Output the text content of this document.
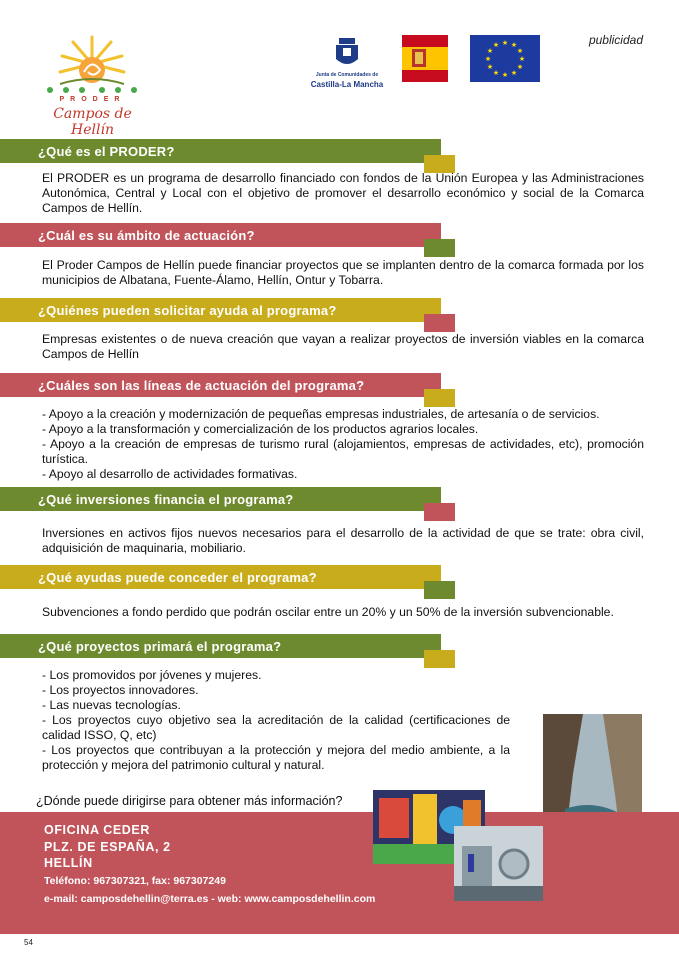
publicidad
PRODER
Campos de Hellín
Junta de Comunidades de
Castilla-La Mancha
★ ★
★
★
★
★
★
★
★
★
★
★
¿Qué es el PRODER?

El PRODER es un programa de desarrollo financiado con fondos de la Unión Europea y las Administraciones Autonómica, Central y Local con el objetivo de promover el desarrollo económico y social de la Comarca Campos de Hellín.

¿Cuál es su ámbito de actuación?

El Proder Campos de Hellín puede financiar proyectos que se implanten dentro de la comarca formada por los municipios de Albatana, Fuente-Álamo, Hellín, Ontur y Tobarra.

¿Quiénes pueden solicitar ayuda al programa?

Empresas existentes o de nueva creación que vayan a realizar proyectos de inversión viables en la comarca Campos de Hellín

¿Cuáles son las líneas de actuación del programa?

- Apoyo a la creación y modernización de pequeñas empresas industriales, de artesanía o de servicios.

- Apoyo a la transformación y comercialización de los productos agrarios locales.

- Apoyo a la creación de empresas de turismo rural (alojamientos, empresas de actividades, etc), promoción turística.

- Apoyo al desarrollo de actividades formativas.

¿Qué inversiones financia el programa?

Inversiones en activos fijos nuevos necesarios para el desarrollo de la actividad de que se trate: obra civil, adquisición de maquinaria, mobiliario.

¿Qué ayudas puede conceder el programa?

Subvenciones a fondo perdido que podrán oscilar entre un 20% y un 50% de la inversión subvencionable.

¿Qué proyectos primará el programa?

- Los promovidos por jóvenes y mujeres.

- Los proyectos innovadores.

- Las nuevas tecnologías.

- Los proyectos cuyo objetivo sea la acreditación de la calidad (certificaciones de calidad ISSO, Q, etc)

- Los proyectos que contribuyan a la protección y mejora del medio ambiente, a la protección y mejora del patrimonio cultural y natural.

¿Dónde puede dirigirse para obtener más información?
OFICINA CEDER
PLZ. DE ESPAÑA, 2
HELLÍN
Teléfono: 967307321, fax: 967307249
e-mail: camposdehellin@terra.es - web: www.camposdehellin.com
54
